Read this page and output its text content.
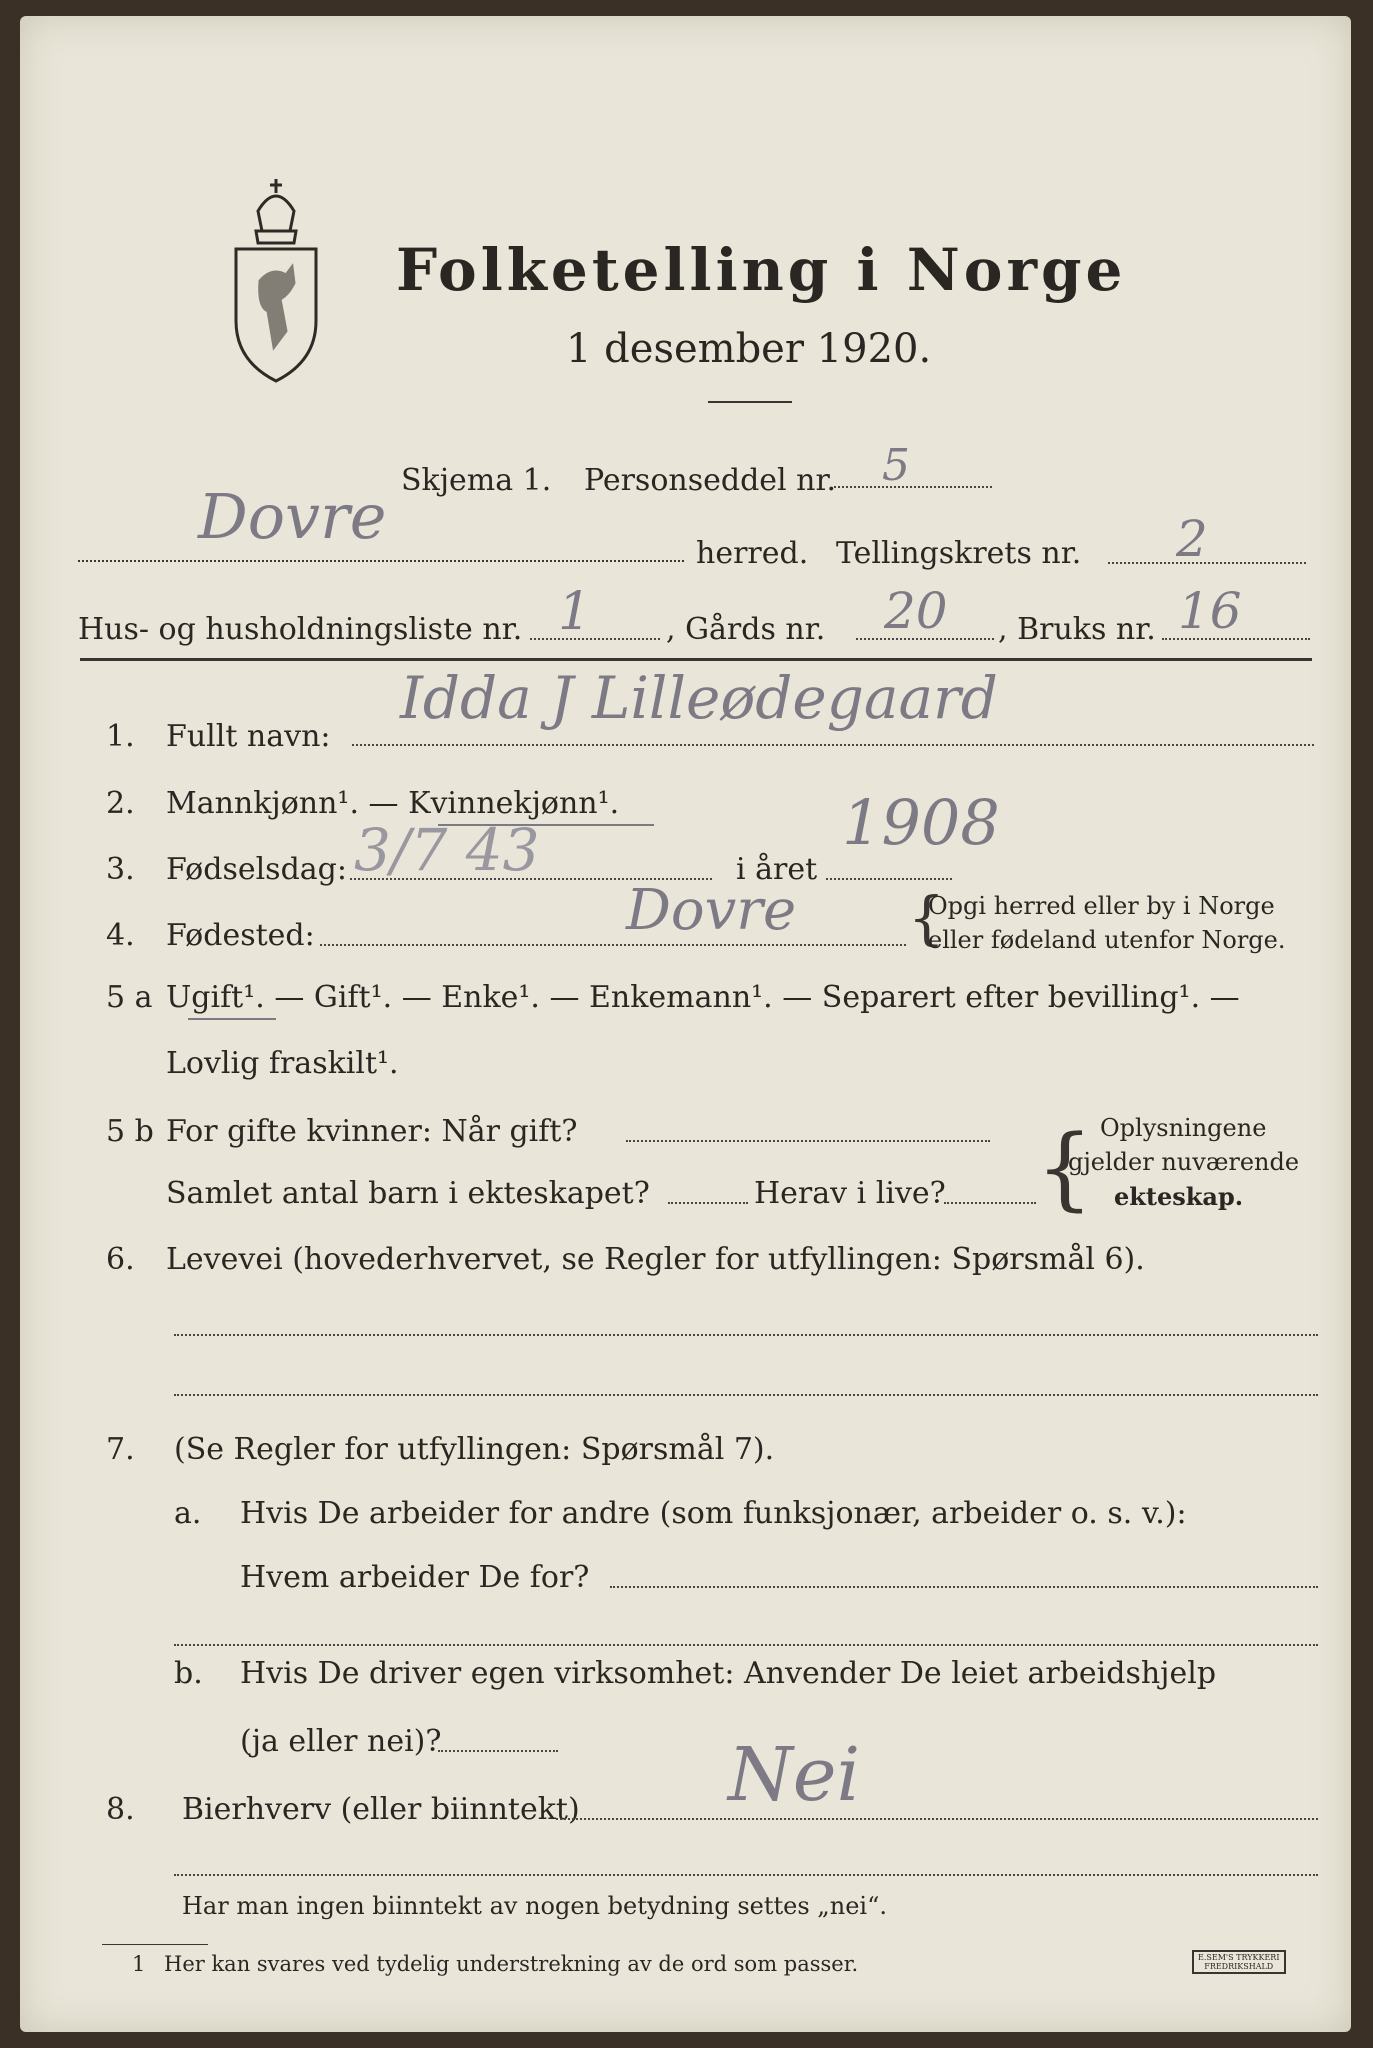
Folketelling i Norge
1 desember 1920.
Skjema 1. Personseddel nr. 5
Dovre
herred. Tellingskrets nr. 2
Hus- og husholdningsliste nr. 1 , Gårds nr. 20 , Bruks nr. 16
1. Fullt navn:
Idda J Lilleødegaard
2. Mannkjønn¹. — Kvinnekjønn¹.
3. Fødselsdag: 3/7 43	i året
1908
4. Fødested:	Dovre {
Opgi herred eller by i Norge
eller fødeland utenfor Norge.
5 a Ugift¹. — Gift¹. — Enke¹. — Enkemann¹. — Separert efter bevilling¹. —
Lovlig fraskilt¹.
5 b For gifte kvinner: Når gift?
Samlet antal barn i ekteskapet?	Herav i live? { Oplysningene
gjelder nuværende
ekteskap.
6. Levevei (hovederhvervet, se Regler for utfyllingen: Spørsmål 6).
7. (Se Regler for utfyllingen: Spørsmål 7).
a. Hvis De arbeider for andre (som funksjonær, arbeider o. s. v.):
Hvem arbeider De for?
b. Hvis De driver egen virksomhet: Anvender De leiet arbeidshjelp
(ja eller nei)?
8. Bierhverv (eller biinntekt) Nei
Har man ingen biinntekt av nogen betydning settes „nei“.
1 Her kan svares ved tydelig understrekning av de ord som passer.	E.SEM'S TRYKKERI
FREDRIKSHALD
